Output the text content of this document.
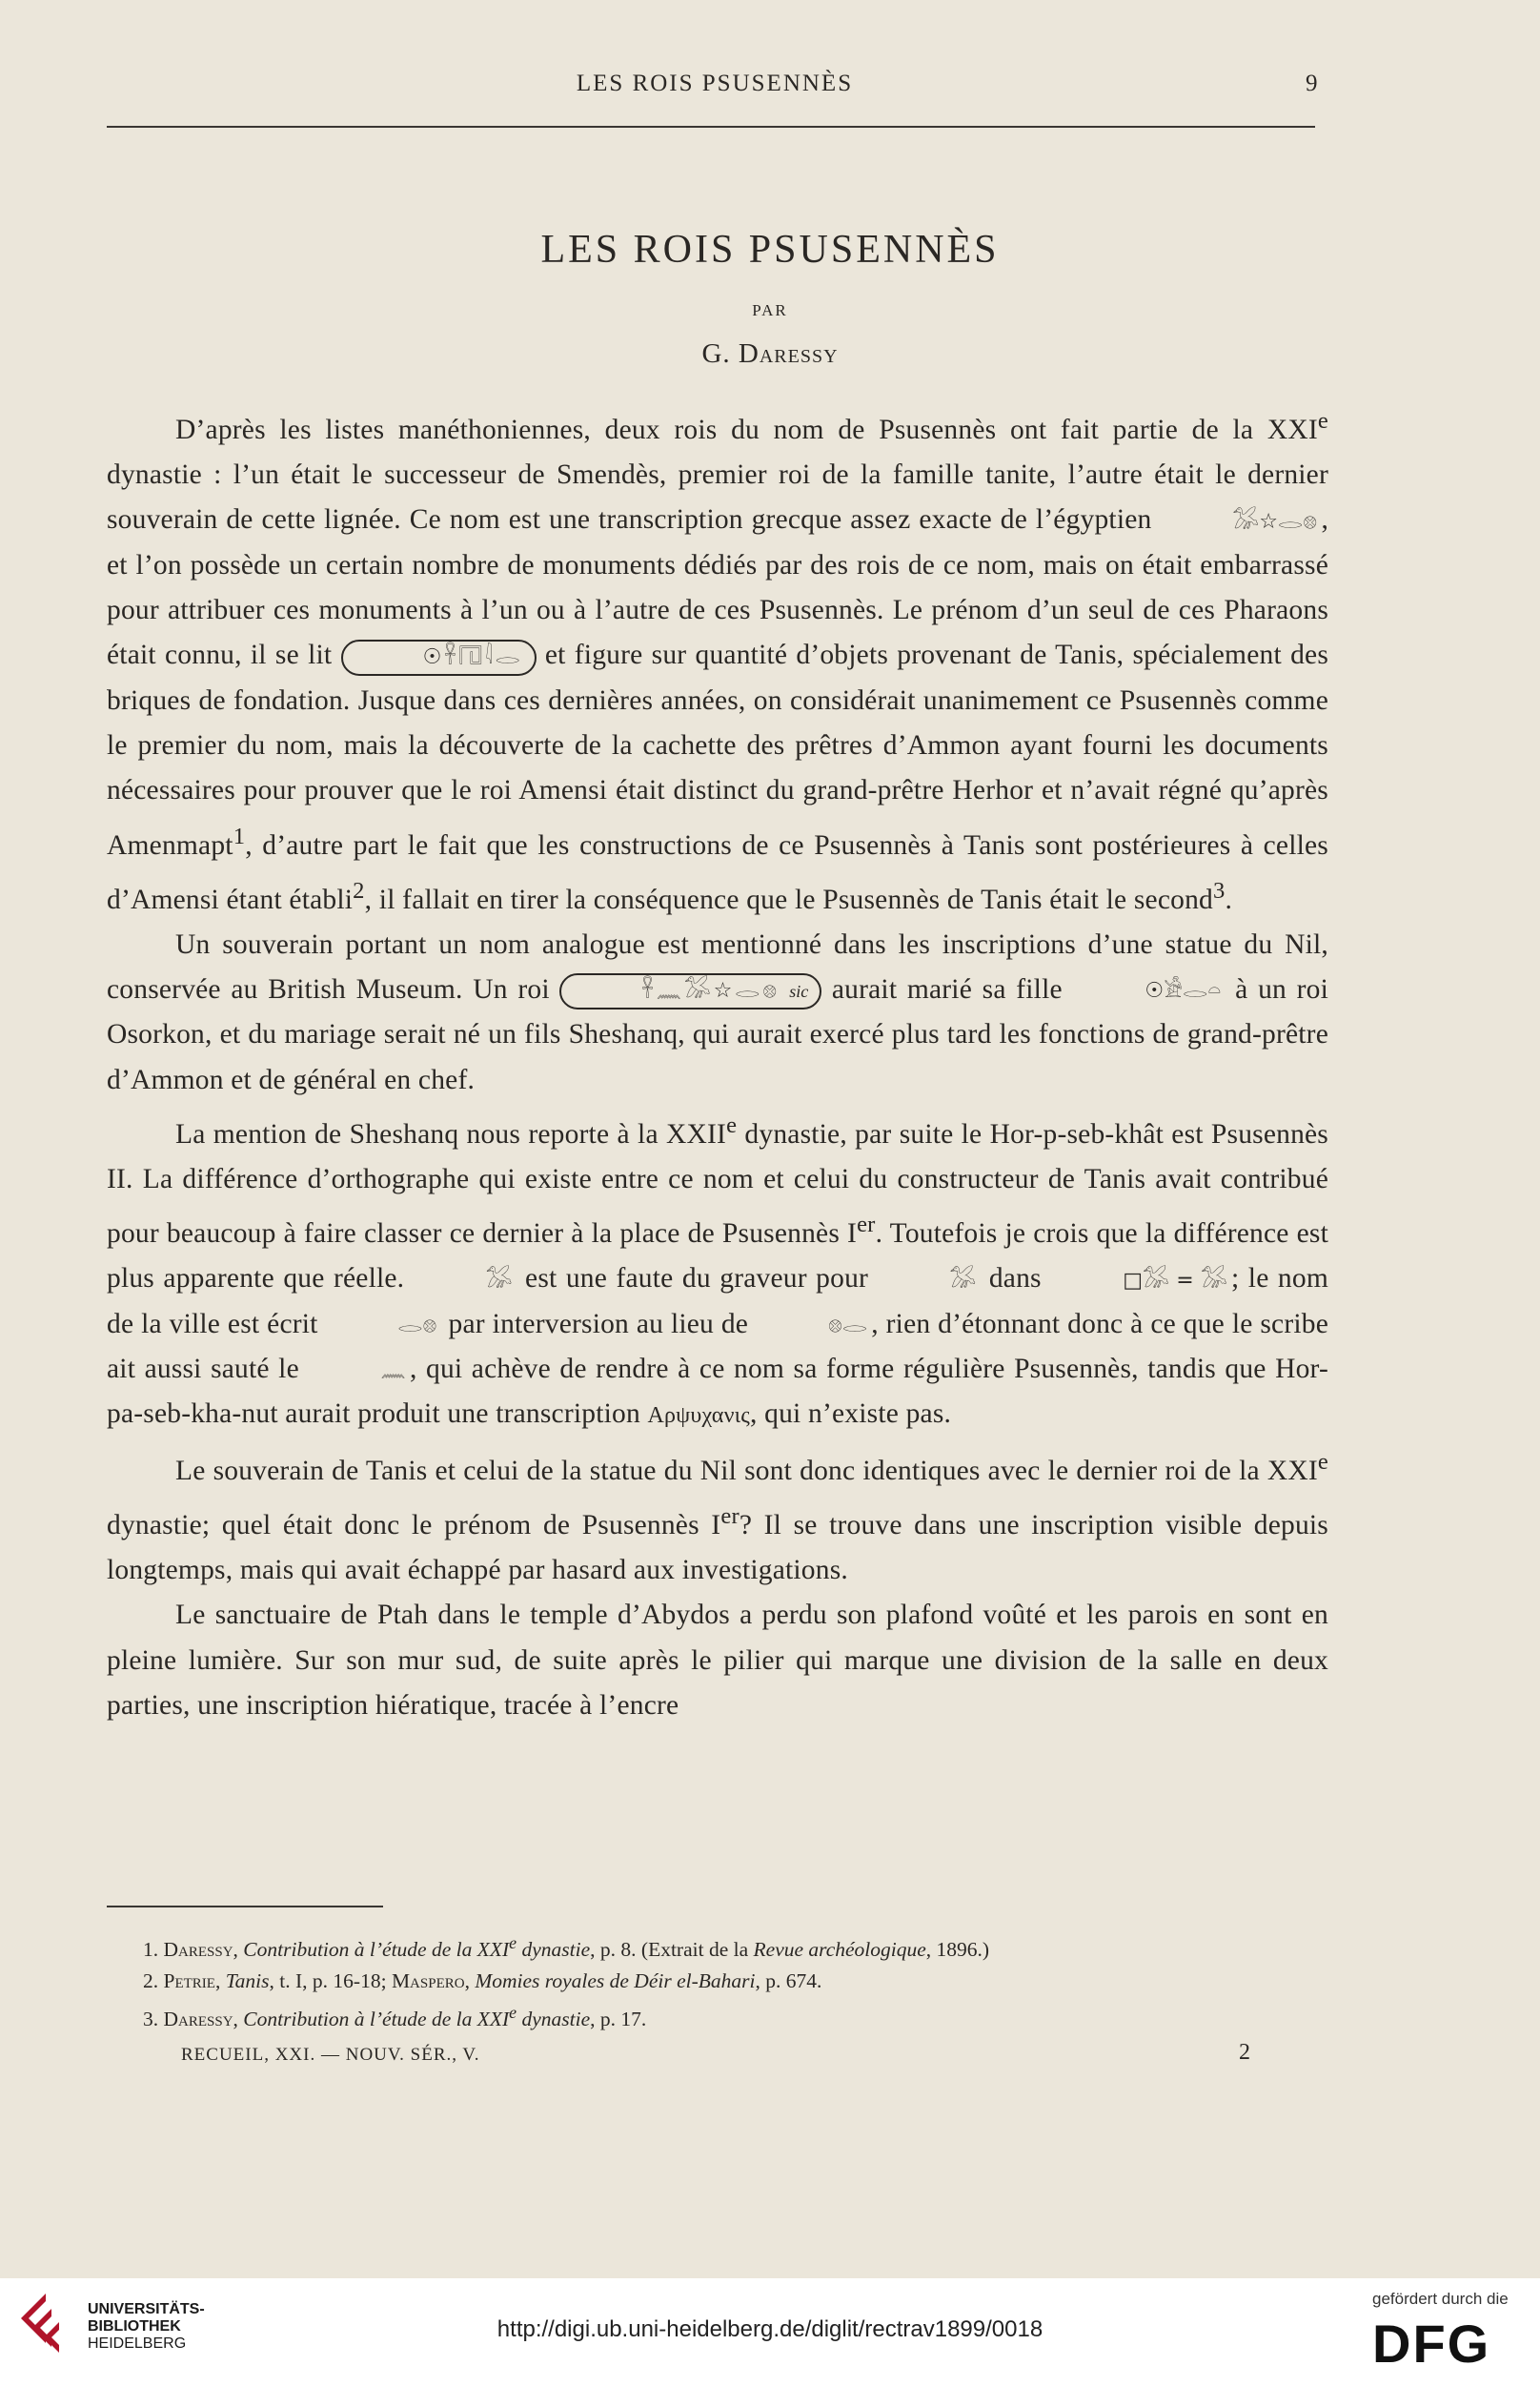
LES ROIS PSUSENNÈS	9
LES ROIS PSUSENNÈS
PAR
G. Daressy

D’après les listes manéthoniennes, deux rois du nom de Psusennès ont fait partie de la XXIe dynastie : l’un était le successeur de Smendès, premier roi de la famille tanite, l’autre était le dernier souverain de cette lignée. Ce nom est une transcription grecque assez exacte de l’égyptien	𓅮☆𓂋𓊖 , et l’on possède un certain nombre de monuments dédiés par des rois de ce nom, mais on était embarrassé pour attribuer ces monuments à l’un ou à l’autre de ces Psusennès. Le prénom d’un seul de ces Pharaons était connu, il se lit	☉𓋹𓉔𓇋𓂋 et figure sur quantité d’objets provenant de Tanis, spécialement des briques de fondation. Jusque dans ces dernières années, on considérait unanimement ce Psusennès comme le premier du nom, mais la découverte de la cachette des prêtres d’Ammon ayant fourni les documents nécessaires pour prouver que le roi Amensi était distinct du grand-prêtre Herhor et n’avait régné qu’après Amenmapt$^1$, d’autre part le fait que les constructions de ce Psusennès à Tanis sont postérieures à celles d’Amensi étant établi$^2$, il fallait en tirer la conséquence que le Psusennès de Tanis était le second$^3$.

Un souverain portant un nom analogue est mentionné dans les inscriptions d’une statue du Nil, conservée au British Museum. Un roi	𓋹𓈖𓅮☆𓂋𓊖 sic aurait marié sa fille	☉𓀀𓂋𓏏 à un roi Osorkon, et du mariage serait né un fils Sheshanq, qui aurait exercé plus tard les fonctions de grand-prêtre d’Ammon et de général en chef.

La mention de Sheshanq nous reporte à la XXIIe dynastie, par suite le Hor-p-seb-khât est Psusennès II. La différence d’orthographe qui existe entre ce nom et celui du constructeur de Tanis avait contribué pour beaucoup à faire classer ce dernier à la place de Psusennès Ier. Toutefois je crois que la différence est plus apparente que réelle.	𓅮 est une faute du graveur pour	𓅮 dans	□𓅮 = 𓅮 ; le nom de la ville est écrit	𓂋𓊖 par interversion au lieu de	𓊖𓂋 , rien d’étonnant donc à ce que le scribe ait aussi sauté le	𓈖 , qui achève de rendre à ce nom sa forme régulière Psusennès, tandis que Hor-pa-seb-kha-nut aurait produit une transcription Αρψυχανις, qui n’existe pas.

Le souverain de Tanis et celui de la statue du Nil sont donc identiques avec le dernier roi de la XXIe dynastie; quel était donc le prénom de Psusennès Ier? Il se trouve dans une inscription visible depuis longtemps, mais qui avait échappé par hasard aux investigations.

Le sanctuaire de Ptah dans le temple d’Abydos a perdu son plafond voûté et les parois en sont en pleine lumière. Sur son mur sud, de suite après le pilier qui marque une division de la salle en deux parties, une inscription hiératique, tracée à l’encre

1. Daressy, Contribution à l’étude de la XXIe dynastie, p. 8. (Extrait de la Revue archéologique, 1896.)

2. Petrie, Tanis, t. I, p. 16-18; Maspero, Momies royales de Déir el-Bahari, p. 674.

3. Daressy, Contribution à l’étude de la XXIe dynastie, p. 17.

RECUEIL, XXI. — NOUV. SÉR., V.	2
UNIVERSITÄTS-
BIBLIOTHEK
HEIDELBERG
http://digi.ub.uni-heidelberg.de/diglit/rectrav1899/0018
gefördert durch die
DFG
